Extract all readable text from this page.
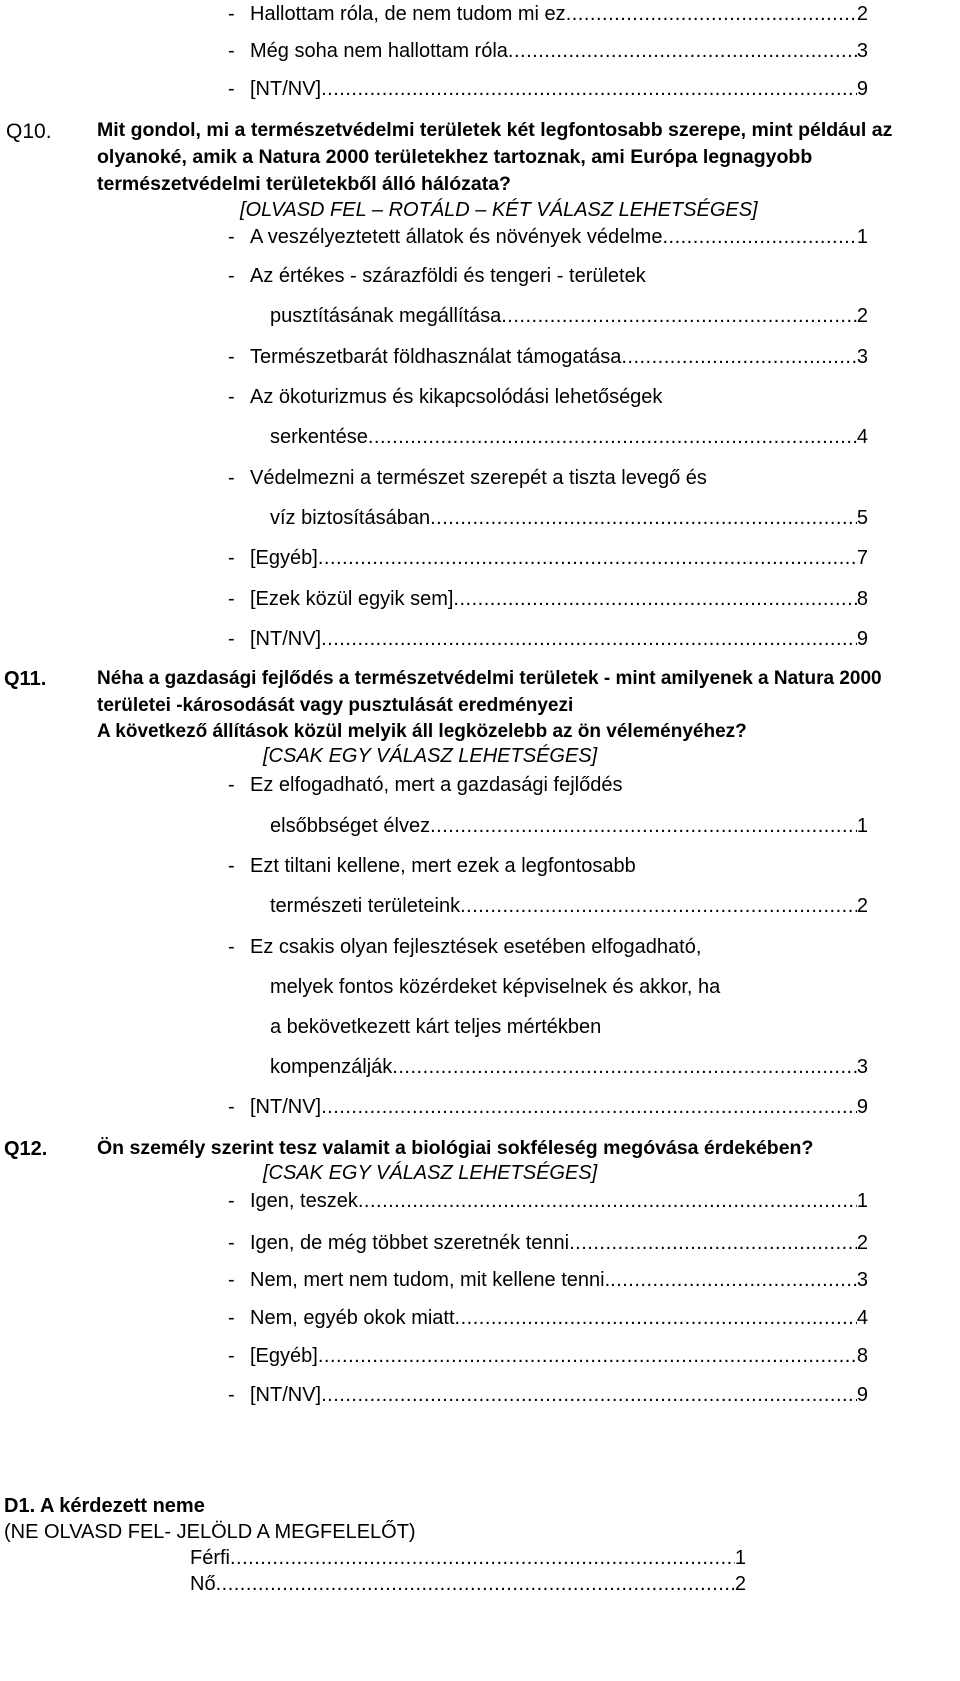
- Hallottam róla, de nem tudom mi ez .....	2
- Még soha nem hallottam róla .....	3
- [NT/NV] .....	9
Q10. Mit gondol, mi a természetvédelmi területek két legfontosabb szerepe, mint például az
olyanoké, amik a Natura 2000 területekhez tartoznak, ami Európa legnagyobb
természetvédelmi területekből álló hálózata?
[OLVASD FEL – ROTÁLD – KÉT VÁLASZ LEHETSÉGES]
- A veszélyeztetett állatok és növények védelme .....	1
- Az értékes - szárazföldi és tengeri - területek
pusztításának megállítása .....	2
- Természetbarát földhasználat támogatása .....	3
- Az ökoturizmus és kikapcsolódási lehetőségek
serkentése .....	4
- Védelmezni a természet szerepét a tiszta levegő és
víz biztosításában .....	5
- [Egyéb] .....	7
- [Ezek közül egyik sem] .....	8
- [NT/NV] .....	9
Q11.	Néha a gazdasági fejlődés a természetvédelmi területek - mint amilyenek a Natura 2000
területei -károsodását vagy pusztulását eredményezi
A következő állítások közül melyik áll legközelebb az ön véleményéhez?
[CSAK EGY VÁLASZ LEHETSÉGES]
- Ez elfogadható, mert a gazdasági fejlődés
elsőbbséget élvez .....	1
- Ezt tiltani kellene, mert ezek a legfontosabb
természeti területeink .....	2
- Ez csakis olyan fejlesztések esetében elfogadható,
melyek fontos közérdeket képviselnek és akkor, ha
a bekövetkezett kárt teljes mértékben
kompenzálják .....	3
- [NT/NV] .....	9
Q12.	Ön személy szerint tesz valamit a biológiai sokféleség megóvása érdekében?
[CSAK EGY VÁLASZ LEHETSÉGES]
- Igen, teszek .....	1
- Igen, de még többet szeretnék tenni .....	2
- Nem, mert nem tudom, mit kellene tenni. .....	3
- Nem, egyéb okok miatt .....	4
- [Egyéb] .....	8
- [NT/NV] .....	9
D1. A kérdezett neme
(NE OLVASD FEL- JELÖLD A MEGFELELŐT)
Férfi .....	1
Nő .....	2
